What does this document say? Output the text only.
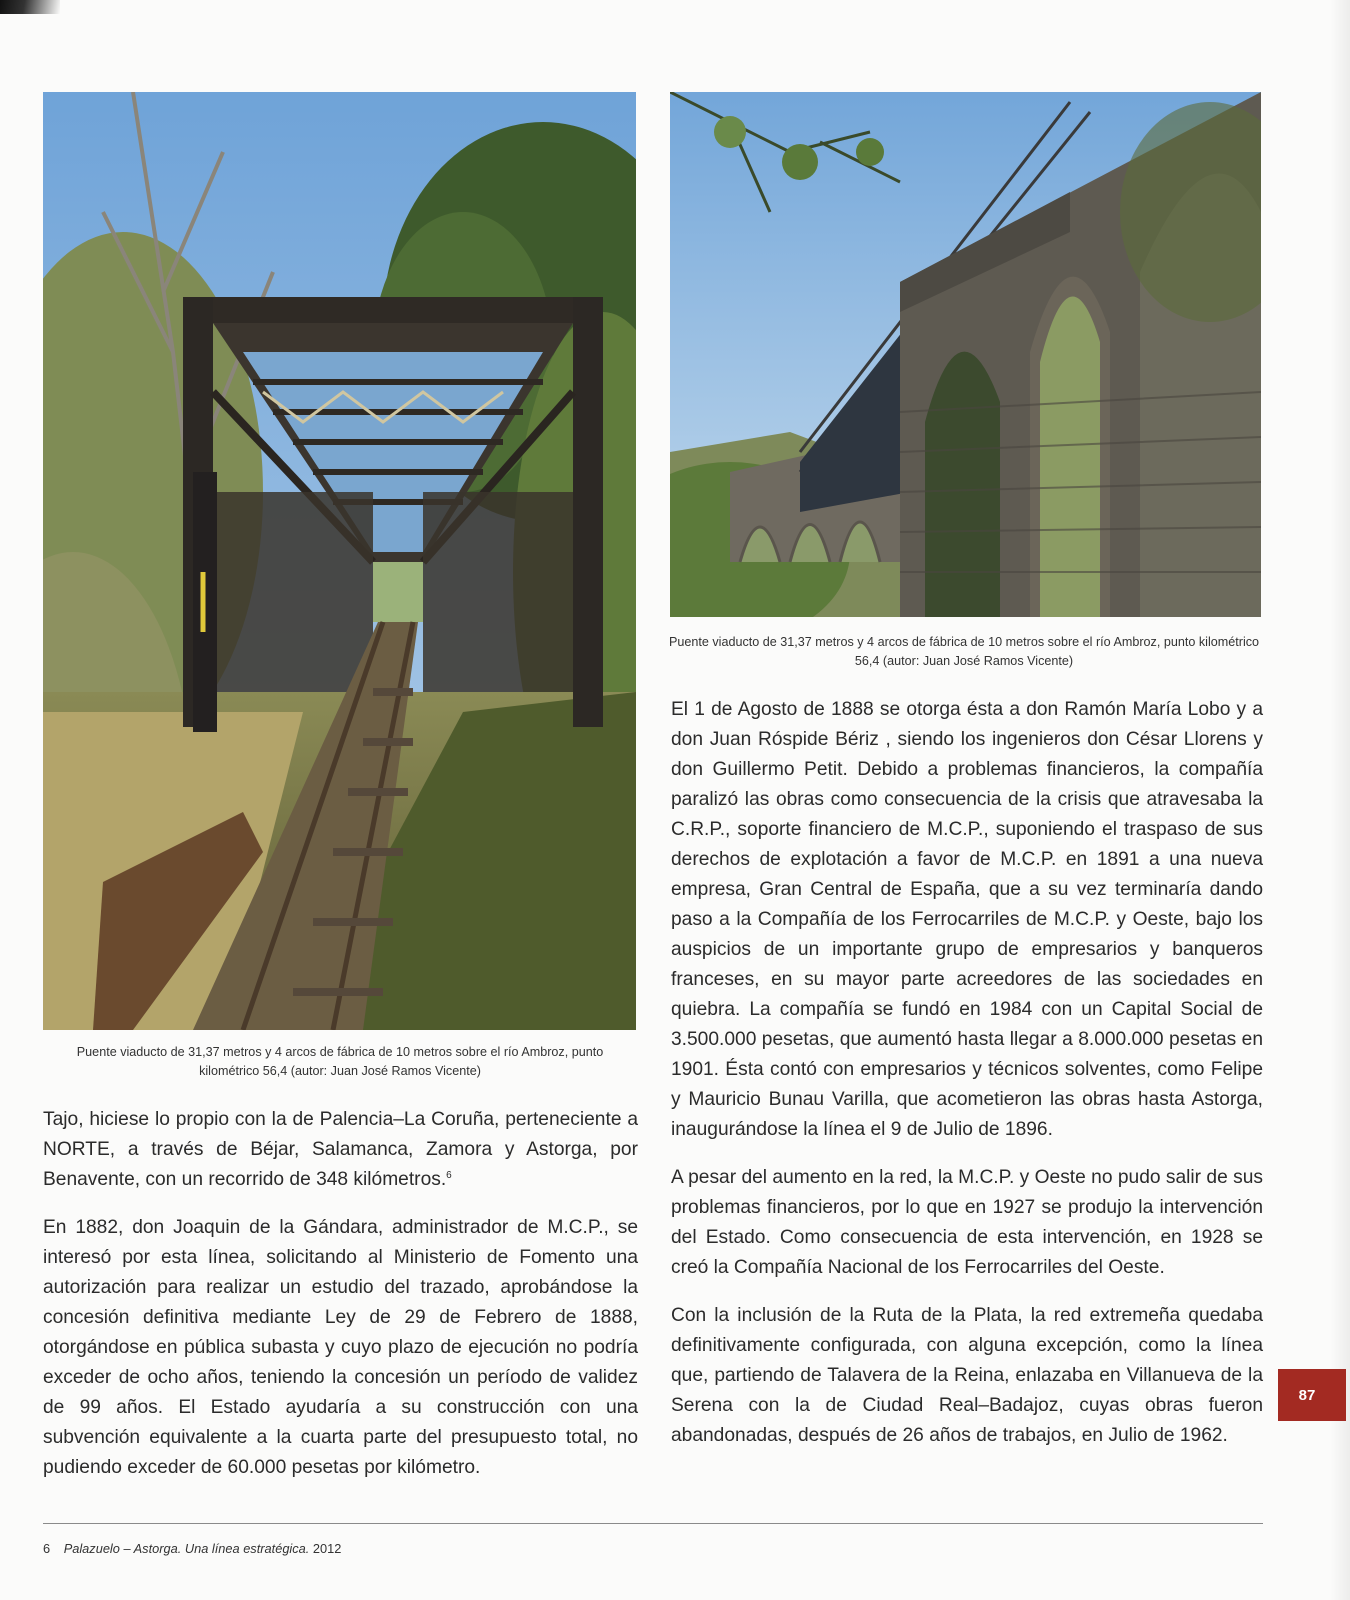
Puente viaducto de 31,37 metros y 4 arcos de fábrica de 10 metros sobre el río Ambroz, punto kilométrico 56,4 (autor: Juan José Ramos Vicente)
Puente viaducto de 31,37 metros y 4 arcos de fábrica de 10 metros sobre el río Ambroz, punto kilométrico 56,4 (autor: Juan José Ramos Vicente)

Tajo, hiciese lo propio con la de Palencia–La Coruña, perteneciente a NORTE, a través de Béjar, Salamanca, Zamora y Astorga, por Benavente, con un recorrido de 348 kilómetros.$^6$

En 1882, don Joaquin de la Gándara, administrador de M.C.P., se interesó por esta línea, solicitando al Ministerio de Fomento una autorización para realizar un estudio del trazado, aprobándose la concesión definitiva mediante Ley de 29 de Febrero de 1888, otorgándose en pública subasta y cuyo plazo de ejecución no podría exceder de ocho años, teniendo la concesión un período de validez de 99 años. El Estado ayudaría a su construcción con una subvención equivalente a la cuarta parte del presupuesto total, no pudiendo exceder de 60.000 pesetas por kilómetro.

El 1 de Agosto de 1888 se otorga ésta a don Ramón María Lobo y a don Juan Róspide Bériz , siendo los ingenieros don César Llorens y don Guillermo Petit. Debido a problemas financieros, la compañía paralizó las obras como consecuencia de la crisis que atravesaba la C.R.P., soporte financiero de M.C.P., suponiendo el traspaso de sus derechos de explotación a favor de M.C.P. en 1891 a una nueva empresa, Gran Central de España, que a su vez terminaría dando paso a la Compañía de los Ferrocarriles de M.C.P. y Oeste, bajo los auspicios de un importante grupo de empresarios y banqueros franceses, en su mayor parte acreedores de las sociedades en quiebra. La compañía se fundó en 1984 con un Capital Social de 3.500.000 pesetas, que aumentó hasta llegar a 8.000.000 pesetas en 1901. Ésta contó con empresarios y técnicos solventes, como Felipe y Mauricio Bunau Varilla, que acometieron las obras hasta Astorga, inaugurándose la línea el 9 de Julio de 1896.

A pesar del aumento en la red, la M.C.P. y Oeste no pudo salir de sus problemas financieros, por lo que en 1927 se produjo la intervención del Estado. Como consecuencia de esta intervención, en 1928 se creó la Compañía Nacional de los Ferrocarriles del Oeste.

Con la inclusión de la Ruta de la Plata, la red extremeña quedaba definitivamente configurada, con alguna excepción, como la línea que, partiendo de Talavera de la Reina, enlazaba en Villanueva de la Serena con la de Ciudad Real–Badajoz, cuyas obras fueron abandonadas, después de 26 años de trabajos, en Julio de 1962.

6 Palazuelo – Astorga. Una línea estratégica. 2012
87
